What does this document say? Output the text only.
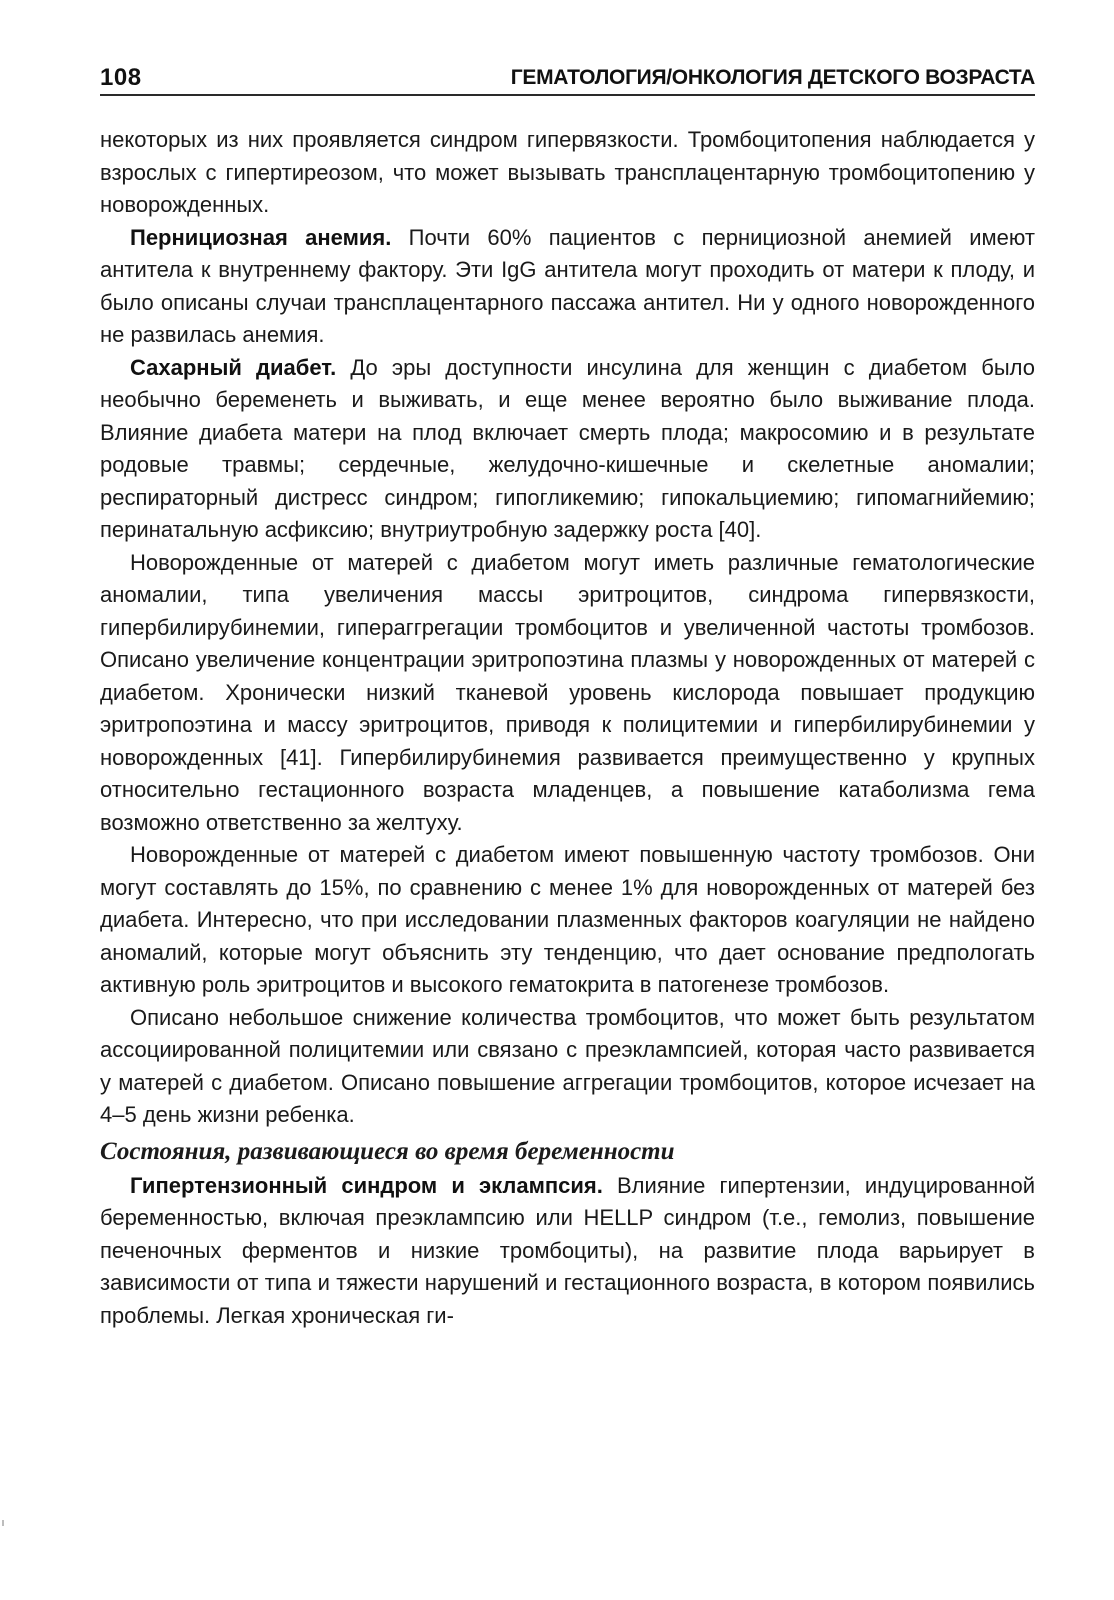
108	ГЕМАТОЛОГИЯ/ОНКОЛОГИЯ ДЕТСКОГО ВОЗРАСТА

некоторых из них проявляется синдром гипервязкости. Тромбоцитопения наблюдается у взрослых с гипертиреозом, что может вызывать трансплацентарную тромбоцитопению у новорожденных.

Пернициозная анемия. Почти 60% пациентов с пернициозной анемией имеют антитела к внутреннему фактору. Эти IgG антитела могут проходить от матери к плоду, и было описаны случаи трансплацентарного пассажа антител. Ни у одного новорожденного не развилась анемия.

Сахарный диабет. До эры доступности инсулина для женщин с диабетом было необычно беременеть и выживать, и еще менее вероятно было выживание плода. Влияние диабета матери на плод включает смерть плода; макросомию и в результате родовые травмы; сердечные, желудочно-кишечные и скелетные аномалии; респираторный дистресс синдром; гипогликемию; гипокальциемию; гипомагнийемию; перинатальную асфиксию; внутриутробную задержку роста [40].

Новорожденные от матерей с диабетом могут иметь различные гематологические аномалии, типа увеличения массы эритроцитов, синдрома гипервязкости, гипербилирубинемии, гипераггрегации тромбоцитов и увеличенной частоты тромбозов. Описано увеличение концентрации эритропоэтина плазмы у новорожденных от матерей с диабетом. Хронически низкий тканевой уровень кислорода повышает продукцию эритропоэтина и массу эритроцитов, приводя к полицитемии и гипербилирубинемии у новорожденных [41]. Гипербилирубинемия развивается преимущественно у крупных относительно гестационного возраста младенцев, а повышение катаболизма гема возможно ответственно за желтуху.

Новорожденные от матерей с диабетом имеют повышенную частоту тромбозов. Они могут составлять до 15%, по сравнению с менее 1% для новорожденных от матерей без диабета. Интересно, что при исследовании плазменных факторов коагуляции не найдено аномалий, которые могут объяснить эту тенденцию, что дает основание предпологать активную роль эритроцитов и высокого гематокрита в патогенезе тромбозов.

Описано небольшое снижение количества тромбоцитов, что может быть результатом ассоциированной полицитемии или связано с преэклампсией, которая часто развивается у матерей с диабетом. Описано повышение аггрегации тромбоцитов, которое исчезает на 4–5 день жизни ребенка.

Состояния, развивающиеся во время беременности

Гипертензионный синдром и эклампсия. Влияние гипертензии, индуцированной беременностью, включая преэклампсию или HELLP синдром (т.е., гемолиз, повышение печеночных ферментов и низкие тромбоциты), на развитие плода варьирует в зависимости от типа и тяжести нарушений и гестационного возраста, в котором появились проблемы. Легкая хроническая ги-
